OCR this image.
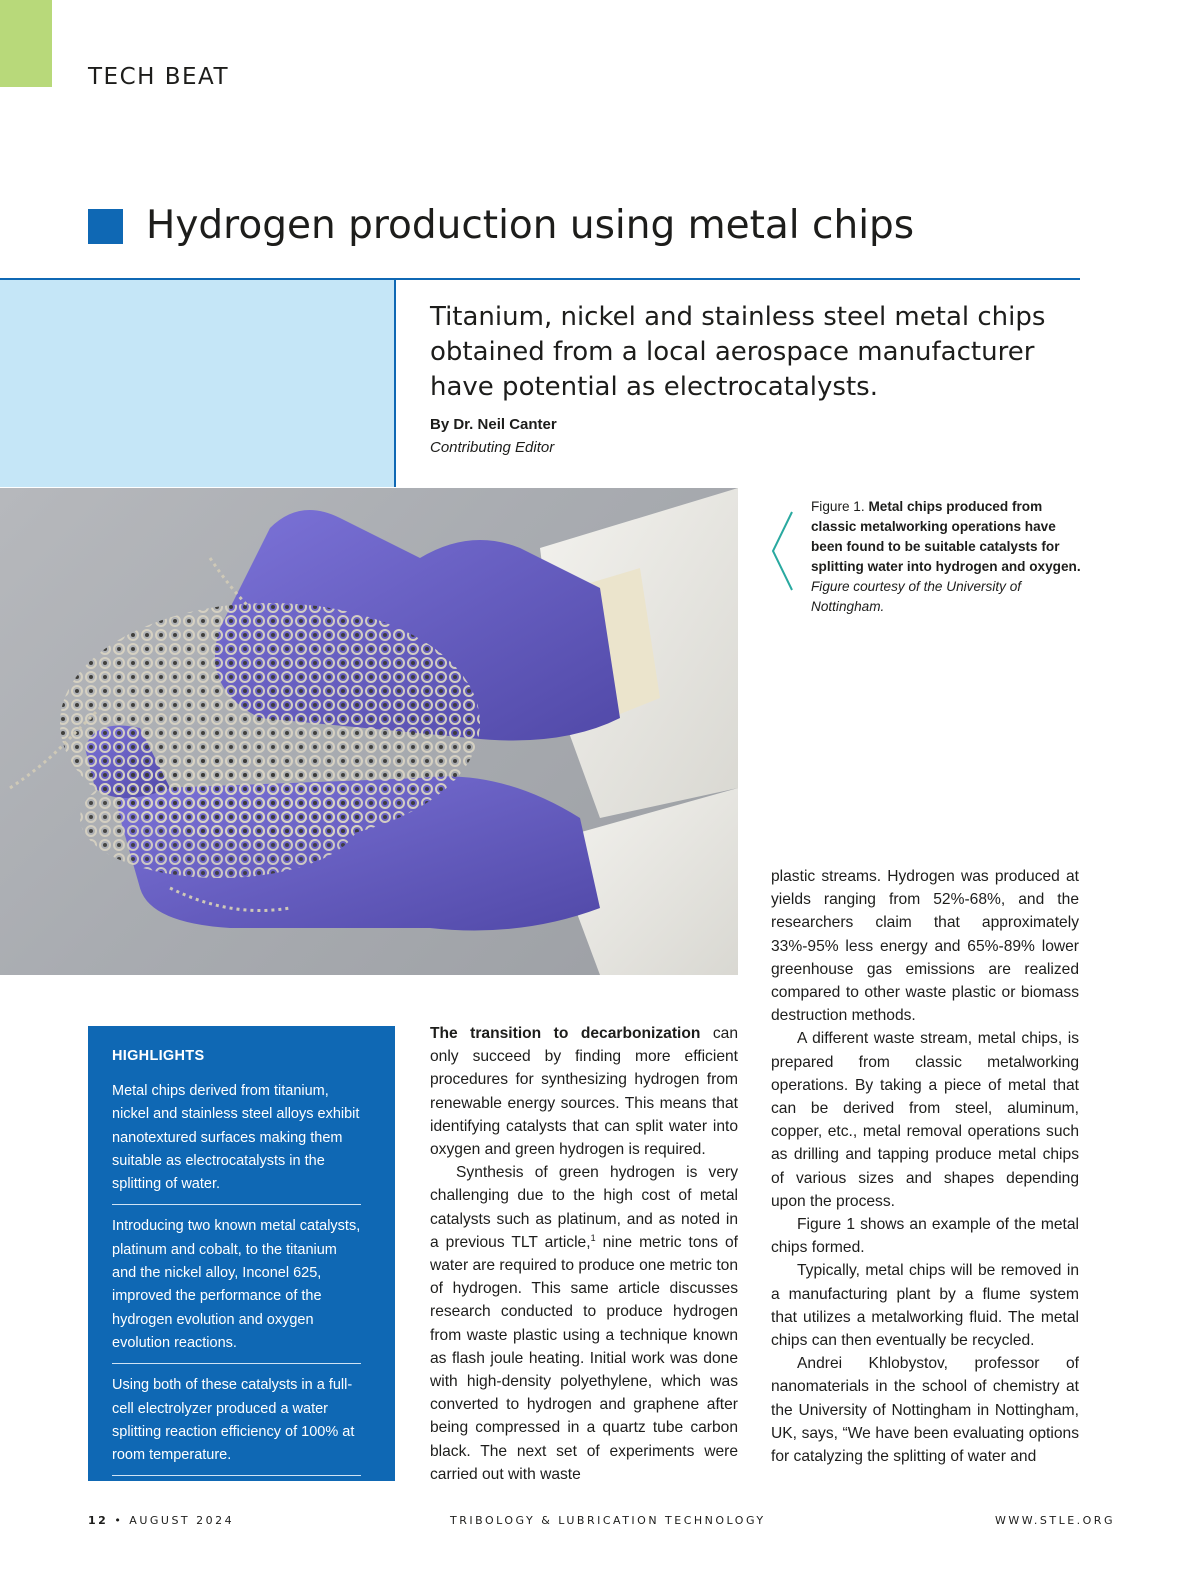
TECH BEAT
Hydrogen production using metal chips
Titanium, nickel and stainless steel metal chips obtained from a local aerospace manufacturer have potential as electrocatalysts.
By Dr. Neil Canter
Contributing Editor
Figure 1. Metal chips produced from classic metalworking operations have been found to be suitable catalysts for splitting water into hydrogen and oxygen. Figure courtesy of the University of Nottingham.
HIGHLIGHTS
Metal chips derived from titanium, nickel and stainless steel alloys exhibit nanotextured surfaces making them suitable as electrocatalysts in the splitting of water.
Introducing two known metal catalysts, platinum and cobalt, to the titanium and the nickel alloy, Inconel 625, improved the performance of the hydrogen evolution and oxygen evolution reactions.
Using both of these catalysts in a full-cell electrolyzer produced a water splitting reaction efficiency of 100% at room temperature.

The transition to decarbonization can only succeed by finding more efficient procedures for synthesizing hydrogen from renewable energy sources. This means that identifying catalysts that can split water into oxygen and green hydrogen is required.

Synthesis of green hydrogen is very challenging due to the high cost of metal catalysts such as platinum, and as noted in a previous TLT article,$^1$ nine metric tons of water are required to produce one metric ton of hydrogen. This same article discusses research conducted to produce hydrogen from waste plastic using a technique known as flash joule heating. Initial work was done with high-density polyethylene, which was converted to hydrogen and graphene after being compressed in a quartz tube carbon black. The next set of experiments were carried out with waste

plastic streams. Hydrogen was produced at yields ranging from 52%-68%, and the researchers claim that approximately 33%-95% less energy and 65%-89% lower greenhouse gas emissions are realized compared to other waste plastic or biomass destruction methods.

A different waste stream, metal chips, is prepared from classic metalworking operations. By taking a piece of metal that can be derived from steel, aluminum, copper, etc., metal removal operations such as drilling and tapping produce metal chips of various sizes and shapes depending upon the process.

Figure 1 shows an example of the metal chips formed.

Typically, metal chips will be removed in a manufacturing plant by a flume system that utilizes a metalworking fluid. The metal chips can then eventually be recycled.

Andrei Khlobystov, professor of nanomaterials in the school of chemistry at the University of Nottingham in Nottingham, UK, says, “We have been evaluating options for catalyzing the splitting of water and

12 • AUGUST 2024	TRIBOLOGY & LUBRICATION TECHNOLOGY	WWW.STLE.ORG
